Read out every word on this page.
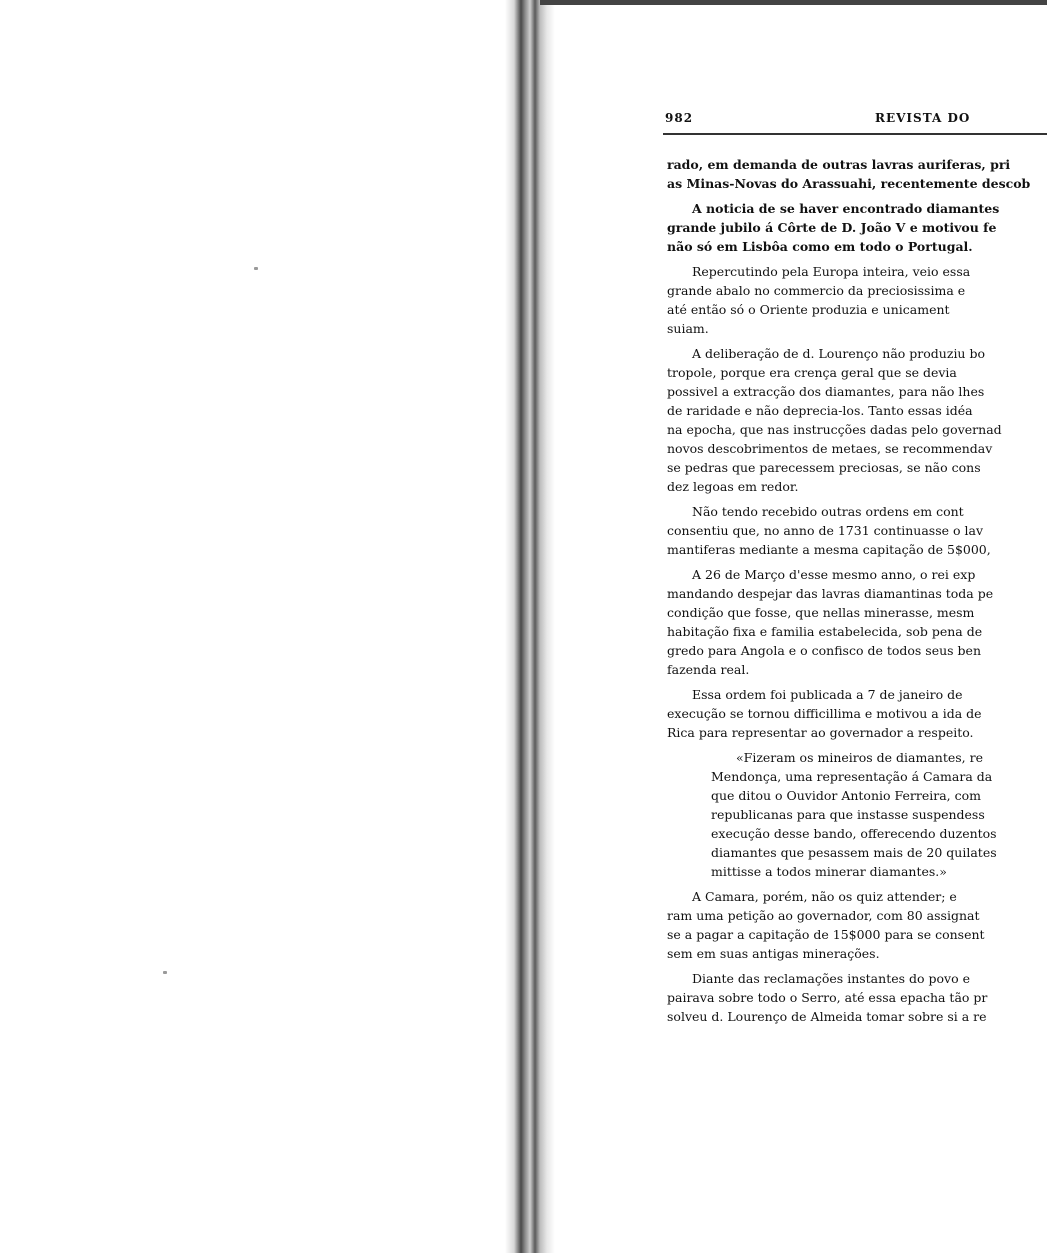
982	REVISTA DO

rado, em demanda de outras lavras auriferas, pri
as Minas-Novas do Arassuahi, recentemente descob

  A noticia de se haver encontrado diamantes
grande jubilo á Côrte de D. João V e motivou fe
não só em Lisbôa como em todo o Portugal.

  Repercutindo pela Europa inteira, veio essa
grande abalo no commercio da preciosissima e
até então só o Oriente produzia e unicament
suiam.

  A deliberação de d. Lourenço não produziu bo
tropole, porque era crença geral que se devia
possivel a extracção dos diamantes, para não lhes
de raridade e não deprecia-los. Tanto essas idéa
na epocha, que nas instrucções dadas pelo governad
novos descobrimentos de metaes, se recommendav
se pedras que parecessem preciosas, se não cons
dez legoas em redor.

  Não tendo recebido outras ordens em cont
consentiu que, no anno de 1731 continuasse o lav
mantiferas mediante a mesma capitação de 5$000,

  A 26 de Março d'esse mesmo anno, o rei exp
mandando despejar das lavras diamantinas toda pe
condição que fosse, que nellas minerasse, mesm
habitação fixa e familia estabelecida, sob pena de
gredo para Angola e o confisco de todos seus ben
fazenda real.

  Essa ordem foi publicada a 7 de janeiro de
execução se tornou difficillima e motivou a ida de
Rica para representar ao governador a respeito.

  «Fizeram os mineiros de diamantes, re
Mendonça, uma representação á Camara da
que ditou o Ouvidor Antonio Ferreira, com
republicanas para que instasse suspendess
execução desse bando, offerecendo duzentos
diamantes que pesassem mais de 20 quilates
mittisse a todos minerar diamantes.»

  A Camara, porém, não os quiz attender; e
ram uma petição ao governador, com 80 assignat
se a pagar a capitação de 15$000 para se consent
sem em suas antigas minerações.

  Diante das reclamações instantes do povo e
pairava sobre todo o Serro, até essa epacha tão pr
solveu d. Lourenço de Almeida tomar sobre si a re
